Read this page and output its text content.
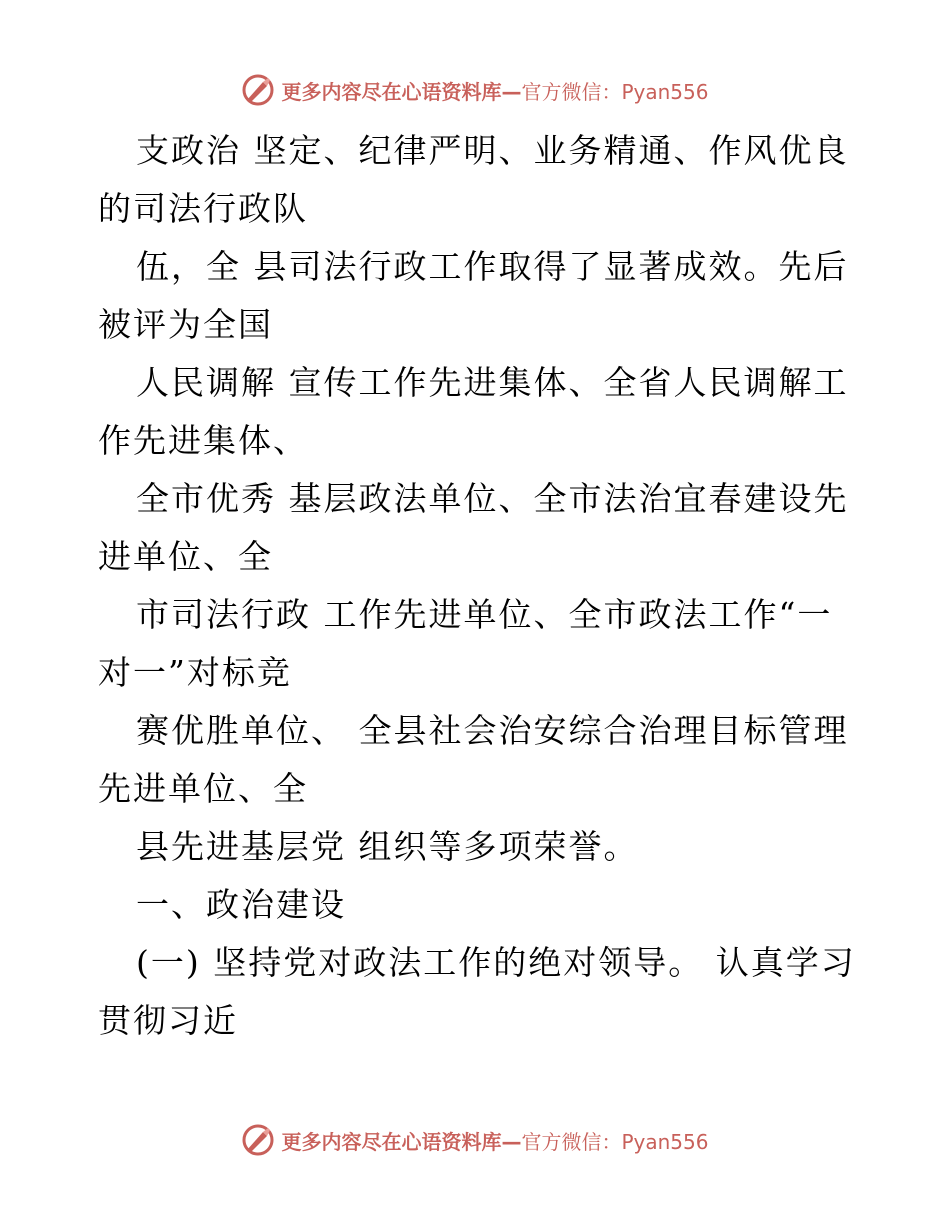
更多内容尽在心语资料库—官方微信：Pyan556
支政治 坚定、纪律严明、业务精通、作风优良
的司法行政队
伍，全 县司法行政工作取得了显著成效。先后
被评为全国
人民调解 宣传工作先进集体、全省人民调解工
作先进集体、
全市优秀 基层政法单位、全市法治宜春建设先
进单位、全
市司法行政 工作先进单位、全市政法工作“一
对一”对标竞
赛优胜单位、 全县社会治安综合治理目标管理
先进单位、全
县先进基层党 组织等多项荣誉。
一、政治建设
(一) 坚持党对政法工作的绝对领导。 认真学习
贯彻习近
更多内容尽在心语资料库—官方微信：Pyan556
